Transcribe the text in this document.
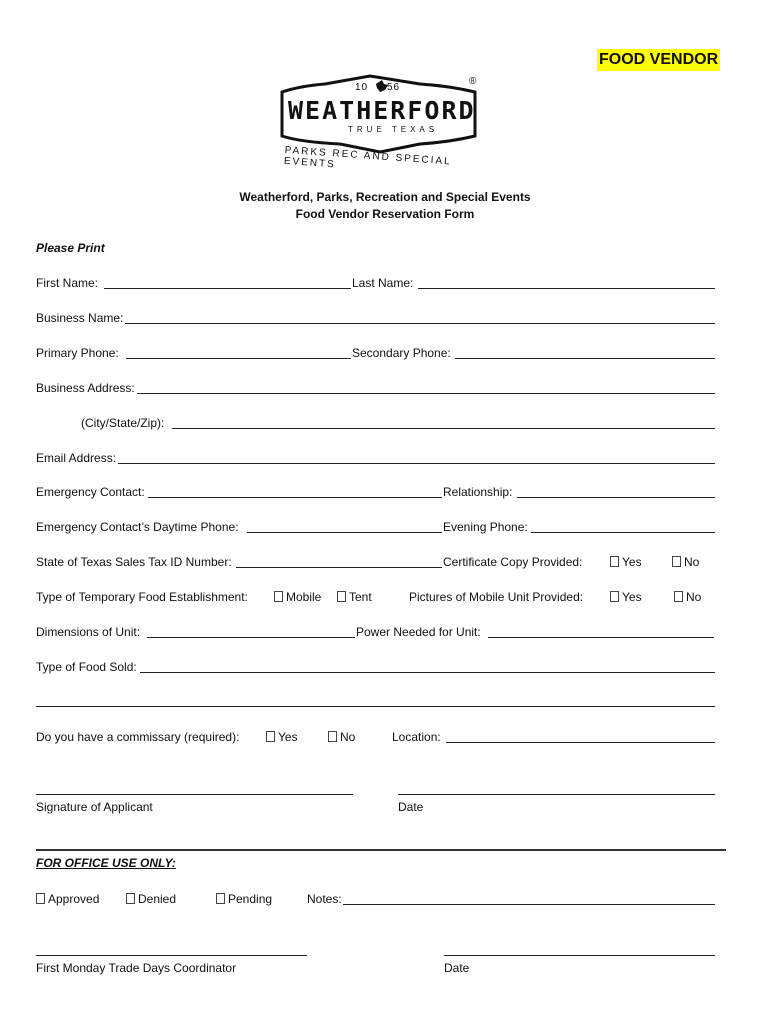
FOOD VENDOR
10 56
®
WEATHERFORD
TRUE TEXAS
PARKS REC AND SPECIAL EVENTS
Weatherford, Parks, Recreation and Special Events
Food Vendor Reservation Form
Please Print
First Name:	Last Name:
Business Name:
Primary Phone:	Secondary Phone:
Business Address:
(City/State/Zip):
Email Address:
Emergency Contact:	Relationship:
Emergency Contact’s Daytime Phone:	Evening Phone:
State of Texas Sales Tax ID Number:	Certificate Copy Provided:	Yes	No
Type of Temporary Food Establishment:	Mobile	Tent	Pictures of Mobile Unit Provided:	Yes	No
Dimensions of Unit:	Power Needed for Unit:
Type of Food Sold:
Do you have a commissary (required):	Yes	No	Location:
Signature of Applicant	Date
FOR OFFICE USE ONLY:
Approved	Denied	Pending	Notes:
First Monday Trade Days Coordinator	Date
